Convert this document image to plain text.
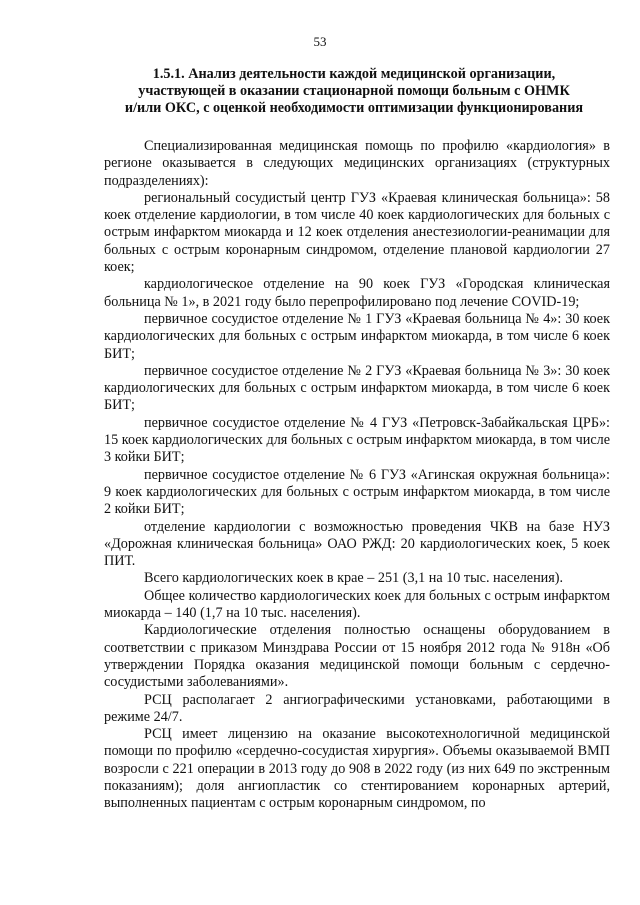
53
1.5.1. Анализ деятельности каждой медицинской организации,
участвующей в оказании стационарной помощи больным с ОНМК
и/или ОКС, с оценкой необходимости оптимизации функционирования

Специализированная медицинская помощь по профилю «кардиология» в регионе оказывается в следующих медицинских организациях (структурных подразделениях):

региональный сосудистый центр ГУЗ «Краевая клиническая больница»: 58 коек отделение кардиологии, в том числе 40 коек кардиологических для больных с острым инфарктом миокарда и 12 коек отделения анестезиологии-реанимации для больных с острым коронарным синдромом, отделение плановой кардиологии 27 коек;

кардиологическое отделение на 90 коек ГУЗ «Городская клиническая больница № 1», в 2021 году было перепрофилировано под лечение COVID-19;

первичное сосудистое отделение № 1 ГУЗ «Краевая больница № 4»: 30 коек кардиологических для больных с острым инфарктом миокарда, в том числе 6 коек БИТ;

первичное сосудистое отделение № 2 ГУЗ «Краевая больница № 3»: 30 коек кардиологических для больных с острым инфарктом миокарда, в том числе 6 коек БИТ;

первичное сосудистое отделение № 4 ГУЗ «Петровск-Забайкальская ЦРБ»: 15 коек кардиологических для больных с острым инфарктом миокарда, в том числе 3 койки БИТ;

первичное сосудистое отделение № 6 ГУЗ «Агинская окружная больница»: 9 коек кардиологических для больных с острым инфарктом миокарда, в том числе 2 койки БИТ;

отделение кардиологии с возможностью проведения ЧКВ на базе НУЗ «Дорожная клиническая больница» ОАО РЖД: 20 кардиологических коек, 5 коек ПИТ.

Всего кардиологических коек в крае – 251 (3,1 на 10 тыс. населения).

Общее количество кардиологических коек для больных с острым инфарктом миокарда – 140 (1,7 на 10 тыс. населения).

Кардиологические отделения полностью оснащены оборудованием в соответствии с приказом Минздрава России от 15 ноября 2012 года № 918н «Об утверждении Порядка оказания медицинской помощи больным с сердечно-сосудистыми заболеваниями».

РСЦ располагает 2 ангиографическими установками, работающими в режиме 24/7.

РСЦ имеет лицензию на оказание высокотехнологичной медицинской помощи по профилю «сердечно-сосудистая хирургия». Объемы оказываемой ВМП возросли с 221 операции в 2013 году до 908 в 2022 году (из них 649 по экстренным показаниям); доля ангиопластик со стентированием коронарных артерий, выполненных пациентам с острым коронарным синдромом, по
